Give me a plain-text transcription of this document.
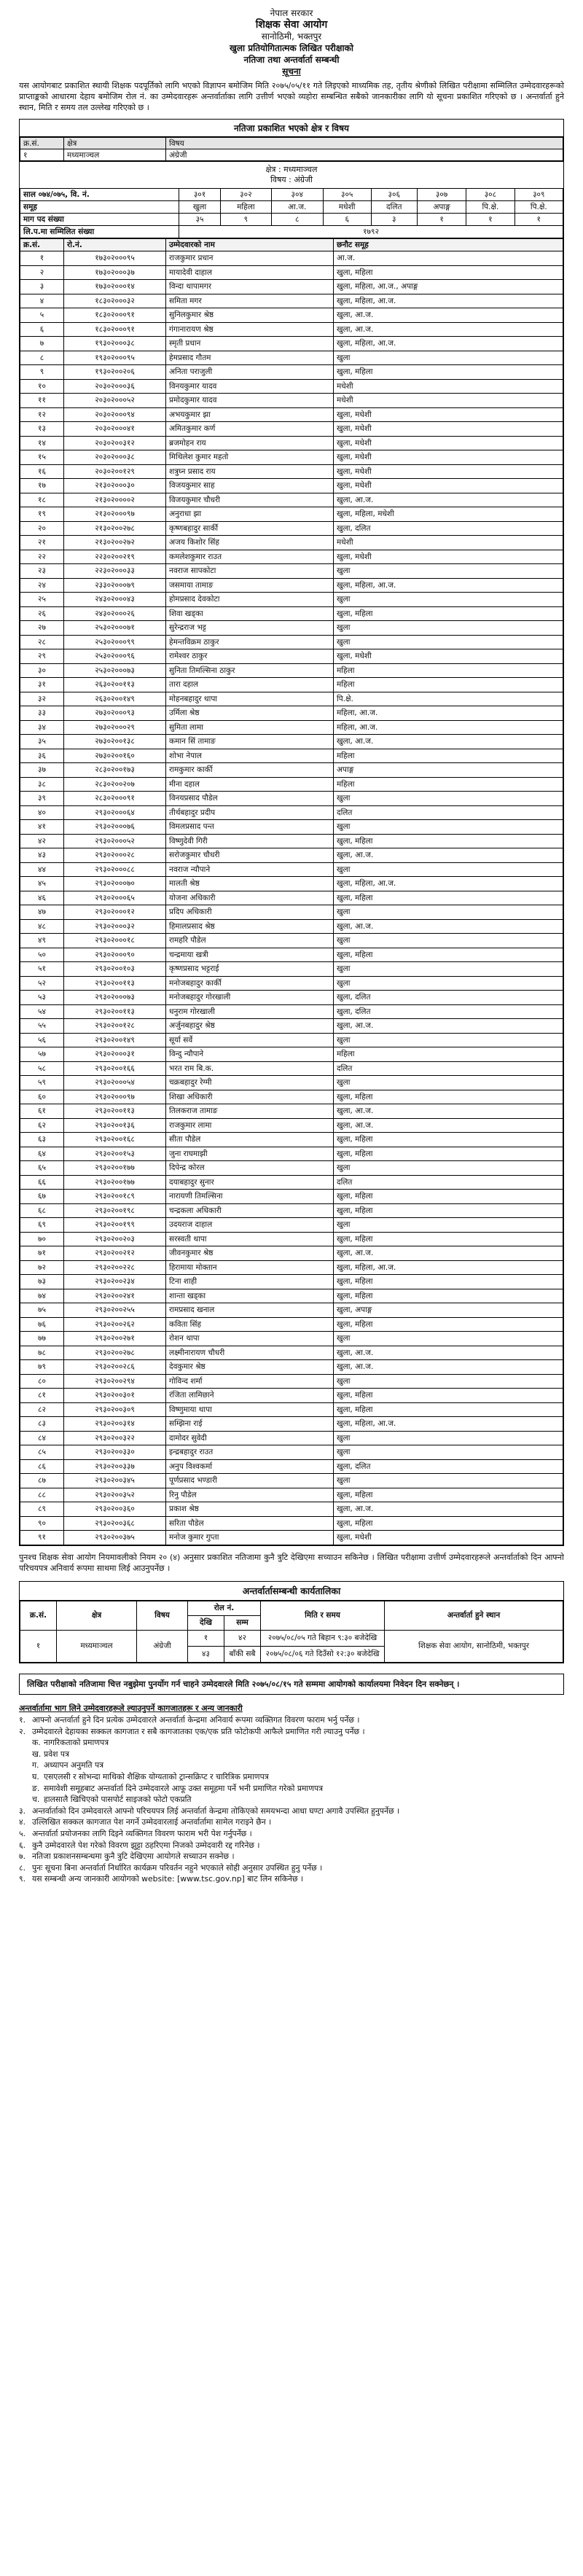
नेपाल सरकार
शिक्षक सेवा आयोग
सानोठिमी, भक्तपुर
खुला प्रतियोगितात्मक लिखित परीक्षाको
नतिजा तथा अन्तर्वार्ता सम्बन्धी
सूचना

यस आयोगबाट प्रकाशित स्थायी शिक्षक पदपूर्तिको लागि भएको विज्ञापन बमोजिम मिति २०७५/०५/११ गते लिइएको माध्यमिक तह, तृतीय श्रेणीको लिखित परीक्षामा सम्मिलित उम्मेदवारहरूको प्राप्ताङ्कको आधारमा देहाय बमोजिम रोल नं. का उम्मेदवारहरू अन्तर्वार्ताका लागि उत्तीर्ण भएको व्यहोरा सम्बन्धित सबैको जानकारीका लागि यो सूचना प्रकाशित गरिएको छ । अन्तर्वार्ता हुने स्थान, मिति र समय तल उल्लेख गरिएको छ ।

नतिजा प्रकाशित भएको क्षेत्र र विषय
क्र.सं.	क्षेत्र	विषय
१	मध्यमाञ्चल	अंग्रेजी
क्षेत्र : मध्यमाञ्चल
विषय : अंग्रेजी
साल ०७४/०७५, वि. नं.	३०१	३०२	३०४	३०५	३०६	३०७	३०८	३०९
समूह	खुला	महिला	आ.ज.	मधेशी	दलित	अपाङ्ग	पि.क्षे.	पि.क्षे.
माग पद संख्या	३५	९	८	६	३	१	१	१
लि.प.मा सम्मिलित संख्या	१७९२							
क्र.सं.	रो.नं.	उम्मेदवारको नाम	छनौट समूह
१	१७३०२०००९५	राजकुमार प्रधान	आ.ज.
२	१७३०२०००३७	मायादेवी दाहाल	खुला, महिला
३	१७३०२०००१४	विन्दा थापामगर	खुला, महिला, आ.ज., अपाङ्ग
४	१८३०२०००३२	समिता मगर	खुला, महिला, आ.ज.
५	१८३०२०००९१	सुनिलकुमार श्रेष्ठ	खुला, आ.ज.
६	१८३०२०००९१	गंगानारायण श्रेष्ठ	खुला, आ.ज.
७	१९३०२०००३८	स्मृती प्रधान	खुला, महिला, आ.ज.
८	१९३०२०००९५	हेमप्रसाद गौतम	खुला
९	१९३०२००२०६	अनिता पराजुली	खुला, महिला
१०	२०३०२०००३६	विनयकुमार यादव	मधेशी
११	२०३०२०००५२	प्रमोदकुमार यादव	मधेशी
१२	२०३०२०००९४	अभयकुमार झा	खुला, मधेशी
१३	२०३०२०००४१	अमितकुमार कर्ण	खुला, मधेशी
१४	२०३०२००३१२	ब्रजमोहन राय	खुला, मधेशी
१५	२०३०२०००३८	मिथिलेश कुमार महतो	खुला, मधेशी
१६	२०३०२००१२९	शत्रुघ्न प्रसाद राय	खुला, मधेशी
१७	२१३०२०००३०	विजयकुमार साह	खुला, मधेशी
१८	२१३०२००००२	विजयकुमार चौधरी	खुला, आ.ज.
१९	२१३०२०००९७	अनुराधा झा	खुला, महिला, मधेशी
२०	२१३०२००२७८	कृष्णबहादुर सार्की	खुला, दलित
२१	२१३०२००२७२	अजय किशोर सिंह	मधेशी
२२	२२३०२००२१९	कमलेशकुमार राउत	खुला, मधेशी
२३	२२३०२०००३३	नवराज सापकोटा	खुला
२४	२३३०२०००७९	जसमाया तामाङ	खुला, महिला, आ.ज.
२५	२४३०२०००४३	होमप्रसाद देवकोटा	खुला
२६	२४३०२०००२६	शिवा खड्का	खुला, महिला
२७	२५३०२०००७१	सुरेन्द्रराज भट्ट	खुला
२८	२५३०२०००९९	हेमन्तविक्रम ठाकुर	खुला
२९	२५३०२०००९६	रामेश्वर ठाकुर	खुला, मधेशी
३०	२५३०२०००७३	सुनिता तिमल्सिना ठाकुर	महिला
३१	२६३०२००११३	तारा दहाल	महिला
३२	२६३०२००१४९	मोहनबहादुर थापा	पि.क्षे.
३३	२७३०२०००९३	उर्मिला श्रेष्ठ	महिला, आ.ज.
३४	२७३०२०००२९	सुमिता लामा	महिला, आ.ज.
३५	२७३०२००१३८	कमान सिं तामाङ	खुला, आ.ज.
३६	२७३०२००१६०	शोभा नेपाल	महिला
३७	२८३०२००१७३	रामकुमार कार्की	अपाङ्ग
३८	२८३०२००२०७	मीना दहाल	महिला
३९	२८३०२०००९१	विनयप्रसाद पौडेल	खुला
४०	२९३०२०००६४	तीर्थबहादुर प्रदीप	दलित
४१	२९३०२०००७६	विमलप्रसाद पन्त	खुला
४२	२९३०२०००५२	विष्णुदेवी गिरी	खुला, महिला
४३	२९३०२०००२८	सरोजकुमार चौधरी	खुला, आ.ज.
४४	२९३०२०००८८	नवराज न्यौपाने	खुला
४५	२९३०२०००७०	मालती श्रेष्ठ	खुला, महिला, आ.ज.
४६	२९३०२०००६५	योजना अधिकारी	खुला, महिला
४७	२९३०२०००१२	प्रदिप अधिकारी	खुला
४८	२९३०२०००३२	हिमालप्रसाद श्रेष्ठ	खुला, आ.ज.
४९	२९३०२०००१८	रामहरि पौडेल	खुला
५०	२९३०२०००९०	चन्द्रमाया खत्री	खुला, महिला
५१	२९३०२००१०३	कृष्णप्रसाद भट्टराई	खुला
५२	२९३०२००११३	मनोजबहादुर कार्की	खुला
५३	२९३०२०००७३	मनोजबहादुर गोरखाली	खुला, दलित
५४	२९३०२००११३	धनुराम गोरखाली	खुला, दलित
५५	२९३०२००१२८	अर्जुनबहादुर श्रेष्ठ	खुला, आ.ज.
५६	२९३०२००१४९	सूर्या सर्वे	खुला
५७	२९३०२०००३१	विन्दु न्यौपाने	महिला
५८	२९३०२००१६६	भरत राम बि.क.	दलित
५९	२९३०२०००५४	चक्रबहादुर रेग्मी	खुला
६०	२९३०२०००९७	शिखा अधिकारी	खुला, महिला
६१	२९३०२००११३	तिलकराज तामाङ	खुला, आ.ज.
६२	२९३०२००१३६	राजकुमार लामा	खुला, आ.ज.
६३	२९३०२००१६८	सीता पौडेल	खुला, महिला
६४	२९३०२००१५३	जुना राघमाझी	खुला, महिला
६५	२९३०२००१७७	दिपेन्द्र कोरल	खुला
६६	२९३०२००१७७	दयाबहादुर सुनार	दलित
६७	२९३०२००१८९	नारायणी तिमल्सिना	खुला, महिला
६८	२९३०२००१९८	चन्द्रकला अधिकारी	खुला, महिला
६९	२९३०२००१९९	उदयराज दाहाल	खुला
७०	२९३०२००२०३	सरस्वती थापा	खुला, महिला
७१	२९३०२००२१२	जीवनकुमार श्रेष्ठ	खुला, आ.ज.
७२	२९३०२००२२८	हिरामाया मोक्तान	खुला, महिला, आ.ज.
७३	२९३०२००२३४	टिना शाही	खुला, महिला
७४	२९३०२००२४१	शान्ता खड्का	खुला, महिला
७५	२९३०२००२५५	रामप्रसाद खनाल	खुला, अपाङ्ग
७६	२९३०२००२६२	कविता सिंह	खुला, महिला
७७	२९३०२००२७१	रोशन थापा	खुला
७८	२९३०२००२७८	लक्ष्मीनारायण चौधरी	खुला, आ.ज.
७९	२९३०२००२८६	देवकुमार श्रेष्ठ	खुला, आ.ज.
८०	२९३०२००२९४	गोविन्द शर्मा	खुला
८१	२९३०२००३०१	रंजिता लामिछाने	खुला, महिला
८२	२९३०२००३०९	विष्णुमाया थापा	खुला, महिला
८३	२९३०२००३१४	सम्झिना राई	खुला, महिला, आ.ज.
८४	२९३०२००३२२	दामोदर सुवेदी	खुला
८५	२९३०२००३३०	इन्द्रबहादुर राउत	खुला
८६	२९३०२००३३७	अनुप विश्वकर्मा	खुला, दलित
८७	२९३०२००३४५	पूर्णप्रसाद भण्डारी	खुला
८८	२९३०२००३५२	रिनु पौडेल	खुला, महिला
८९	२९३०२००३६०	प्रकाश श्रेष्ठ	खुला, आ.ज.
९०	२९३०२००३६८	सरिता पौडेल	खुला, महिला
९१	२९३०२००३७५	मनोज कुमार गुप्ता	खुला, मधेशी

पुनश्च शिक्षक सेवा आयोग नियमावलीको नियम २० (४) अनुसार प्रकाशित नतिजामा कुनै त्रुटि देखिएमा सच्याउन सकिनेछ । लिखित परीक्षामा उत्तीर्ण उम्मेदवारहरूले अन्तर्वार्ताको दिन आफ्नो परिचयपत्र अनिवार्य रूपमा साथमा लिई आउनुपर्नेछ ।

अन्तर्वार्तासम्बन्धी कार्यतालिका
क्र.सं.	क्षेत्र	विषय	रोल नं.		मिति र समय	अन्तर्वार्ता हुने स्थान
			देखि	सम्म		
१	मध्यमाञ्चल	अंग्रेजी	१	४२	२०७५/०८/०५ गते बिहान ९:३० बजेदेखि	शिक्षक सेवा आयोग, सानोठिमी, भक्तपुर
			४३	बाँकी सबै	२०७५/०८/०६ गते दिउँसो १२:३० बजेदेखि	
लिखित परीक्षाको नतिजामा चित्त नबुझेमा पुनर्योग गर्न चाहने उम्मेदवारले मिति २०७५/०८/१५ गते सम्ममा आयोगको कार्यालयमा निवेदन दिन सक्नेछन् ।
अन्तर्वार्तामा भाग लिने उम्मेदवारहरूले ल्याउनुपर्ने कागजातहरू र अन्य जानकारी
१. आफ्नो अन्तर्वार्ता हुने दिन प्रत्येक उम्मेदवारले अन्तर्वार्ता केन्द्रमा अनिवार्य रूपमा व्यक्तिगत विवरण फाराम भर्नु पर्नेछ ।
२. उम्मेदवारले देहायका सक्कल कागजात र सबै कागजातका एक/एक प्रति फोटोकपी आफैले प्रमाणित गरी ल्याउनु पर्नेछ ।
क. नागरिकताको प्रमाणपत्र
ख. प्रवेश पत्र
ग. अध्यापन अनुमति पत्र
घ. एसएलसी र सोभन्दा माथिको शैक्षिक योग्यताको ट्रान्सक्रिप्ट र चारित्रिक प्रमाणपत्र
ङ. समावेशी समूहबाट अन्तर्वार्ता दिने उम्मेदवारले आफू उक्त समूहमा पर्ने भनी प्रमाणित गरेको प्रमाणपत्र
च. हालसालै खिचिएको पासपोर्ट साइजको फोटो एकप्रति
३. अन्तर्वार्ताको दिन उम्मेदवारले आफ्नो परिचयपत्र लिई अन्तर्वार्ता केन्द्रमा तोकिएको समयभन्दा आधा घण्टा अगावै उपस्थित हुनुपर्नेछ ।
४. उल्लिखित सक्कल कागजात पेश नगर्ने उम्मेदवारलाई अन्तर्वार्तामा सामेल गराइने छैन ।
५. अन्तर्वार्ता प्रयोजनका लागि दिइने व्यक्तिगत विवरण फाराम भरी पेश गर्नुपर्नेछ ।
६. कुनै उम्मेदवारले पेश गरेको विवरण झुट्टा ठहरिएमा निजको उम्मेदवारी रद्द गरिनेछ ।
७. नतिजा प्रकाशनसम्बन्धमा कुनै त्रुटि देखिएमा आयोगले सच्याउन सक्नेछ ।
८. पुनः सूचना बिना अन्तर्वार्ता निर्धारित कार्यक्रम परिवर्तन नहुने भएकाले सोही अनुसार उपस्थित हुनु पर्नेछ ।
९. यस सम्बन्धी अन्य जानकारी आयोगको website: [www.tsc.gov.np] बाट लिन सकिनेछ ।
